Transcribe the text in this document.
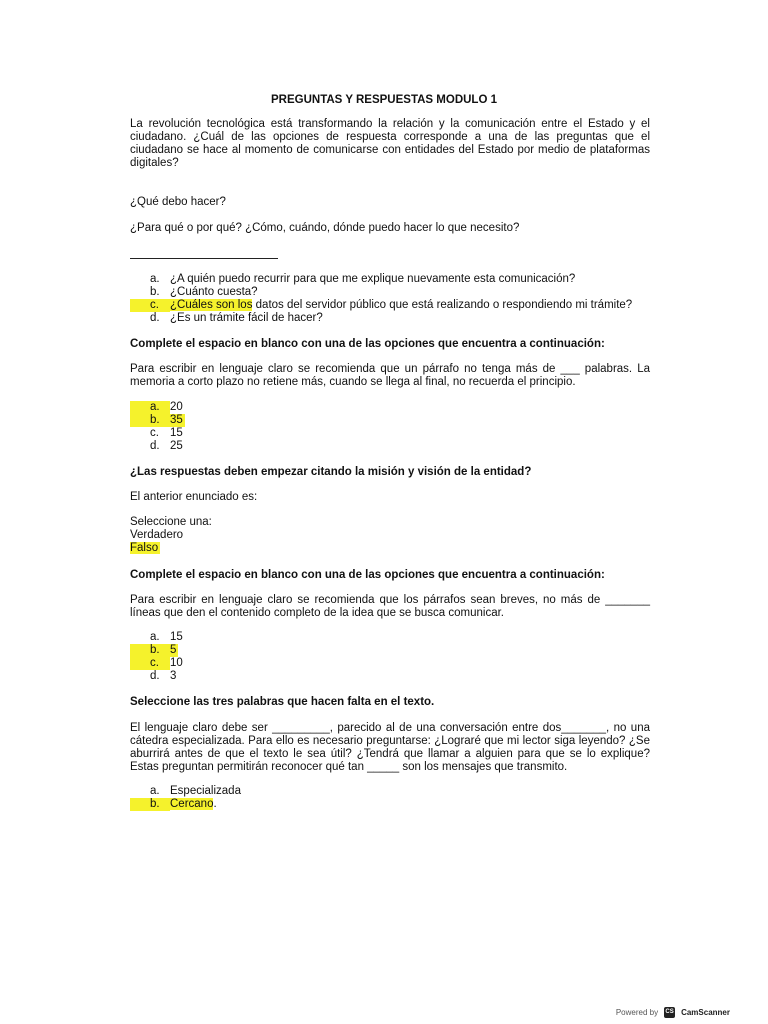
PREGUNTAS Y RESPUESTAS MODULO 1
La revolución tecnológica está transformando la relación y la comunicación entre el Estado y el ciudadano. ¿Cuál de las opciones de respuesta corresponde a una de las preguntas que el ciudadano se hace al momento de comunicarse con entidades del Estado por medio de plataformas digitales?
¿Qué debo hacer?
¿Para qué o por qué? ¿Cómo, cuándo, dónde puedo hacer lo que necesito?
a. ¿A quién puedo recurrir para que me explique nuevamente esta comunicación?
b. ¿Cuánto cuesta?
c. ¿Cuáles son los datos del servidor público que está realizando o respondiendo mi trámite?
d. ¿Es un trámite fácil de hacer?
Complete el espacio en blanco con una de las opciones que encuentra a continuación:
Para escribir en lenguaje claro se recomienda que un párrafo no tenga más de ___ palabras. La memoria a corto plazo no retiene más, cuando se llega al final, no recuerda el principio.
a. 20
b. 35
c. 15
d. 25
¿Las respuestas deben empezar citando la misión y visión de la entidad?
El anterior enunciado es:
Seleccione una:
Verdadero
Falso
Complete el espacio en blanco con una de las opciones que encuentra a continuación:
Para escribir en lenguaje claro se recomienda que los párrafos sean breves, no más de _______ líneas que den el contenido completo de la idea que se busca comunicar.
a. 15
b. 5
c. 10
d. 3
Seleccione las tres palabras que hacen falta en el texto.
El lenguaje claro debe ser _________, parecido al de una conversación entre dos_______, no una cátedra especializada. Para ello es necesario preguntarse: ¿Lograré que mi lector siga leyendo? ¿Se aburrirá antes de que el texto le sea útil? ¿Tendrá que llamar a alguien para que se lo explique? Estas preguntan permitirán reconocer qué tan _____ son los mensajes que transmito.
a. Especializada
b. Cercano.
Powered by CS CamScanner
